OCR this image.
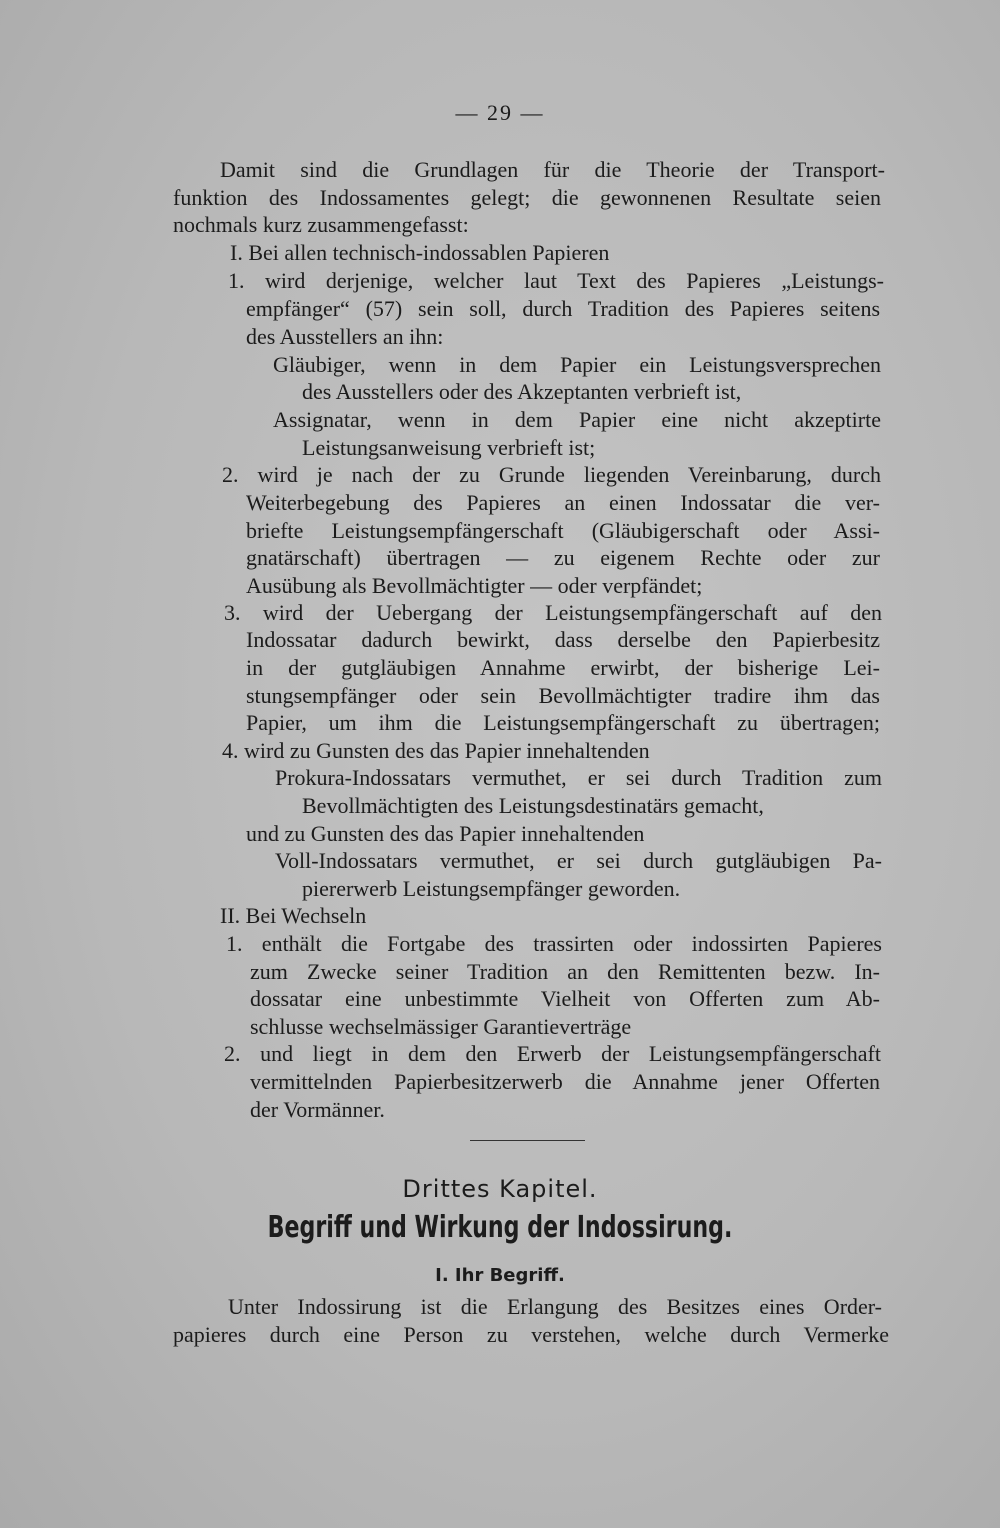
— 29 —
Damit sind die Grundlagen für die Theorie der Transport-
funktion des Indossamentes gelegt; die gewonnenen Resultate seien
nochmals kurz zusammengefasst:
I. Bei allen technisch-indossablen Papieren
1. wird derjenige, welcher laut Text des Papieres „Leistungs-
empfänger“ (57) sein soll, durch Tradition des Papieres seitens
des Ausstellers an ihn:
Gläubiger, wenn in dem Papier ein Leistungsversprechen
des Ausstellers oder des Akzeptanten verbrieft ist,
Assignatar, wenn in dem Papier eine nicht akzeptirte
Leistungsanweisung verbrieft ist;
2. wird je nach der zu Grunde liegenden Vereinbarung, durch
Weiterbegebung des Papieres an einen Indossatar die ver-
briefte Leistungsempfängerschaft (Gläubigerschaft oder Assi-
gnatärschaft) übertragen — zu eigenem Rechte oder zur
Ausübung als Bevollmächtigter — oder verpfändet;
3. wird der Uebergang der Leistungsempfängerschaft auf den
Indossatar dadurch bewirkt, dass derselbe den Papierbesitz
in der gutgläubigen Annahme erwirbt, der bisherige Lei-
stungsempfänger oder sein Bevollmächtigter tradire ihm das
Papier, um ihm die Leistungsempfängerschaft zu übertragen;
4. wird zu Gunsten des das Papier innehaltenden
Prokura-Indossatars vermuthet, er sei durch Tradition zum
Bevollmächtigten des Leistungsdestinatärs gemacht,
und zu Gunsten des das Papier innehaltenden
Voll-Indossatars vermuthet, er sei durch gutgläubigen Pa-
piererwerb Leistungsempfänger geworden.
II. Bei Wechseln
1. enthält die Fortgabe des trassirten oder indossirten Papieres
zum Zwecke seiner Tradition an den Remittenten bezw. In-
dossatar eine unbestimmte Vielheit von Offerten zum Ab-
schlusse wechselmässiger Garantieverträge
2. und liegt in dem den Erwerb der Leistungsempfängerschaft
vermittelnden Papierbesitzerwerb die Annahme jener Offerten
der Vormänner.
Drittes Kapitel.
Begriff und Wirkung der Indossirung.
I. Ihr Begriff.
Unter Indossirung ist die Erlangung des Besitzes eines Order-
papieres durch eine Person zu verstehen, welche durch Vermerke
